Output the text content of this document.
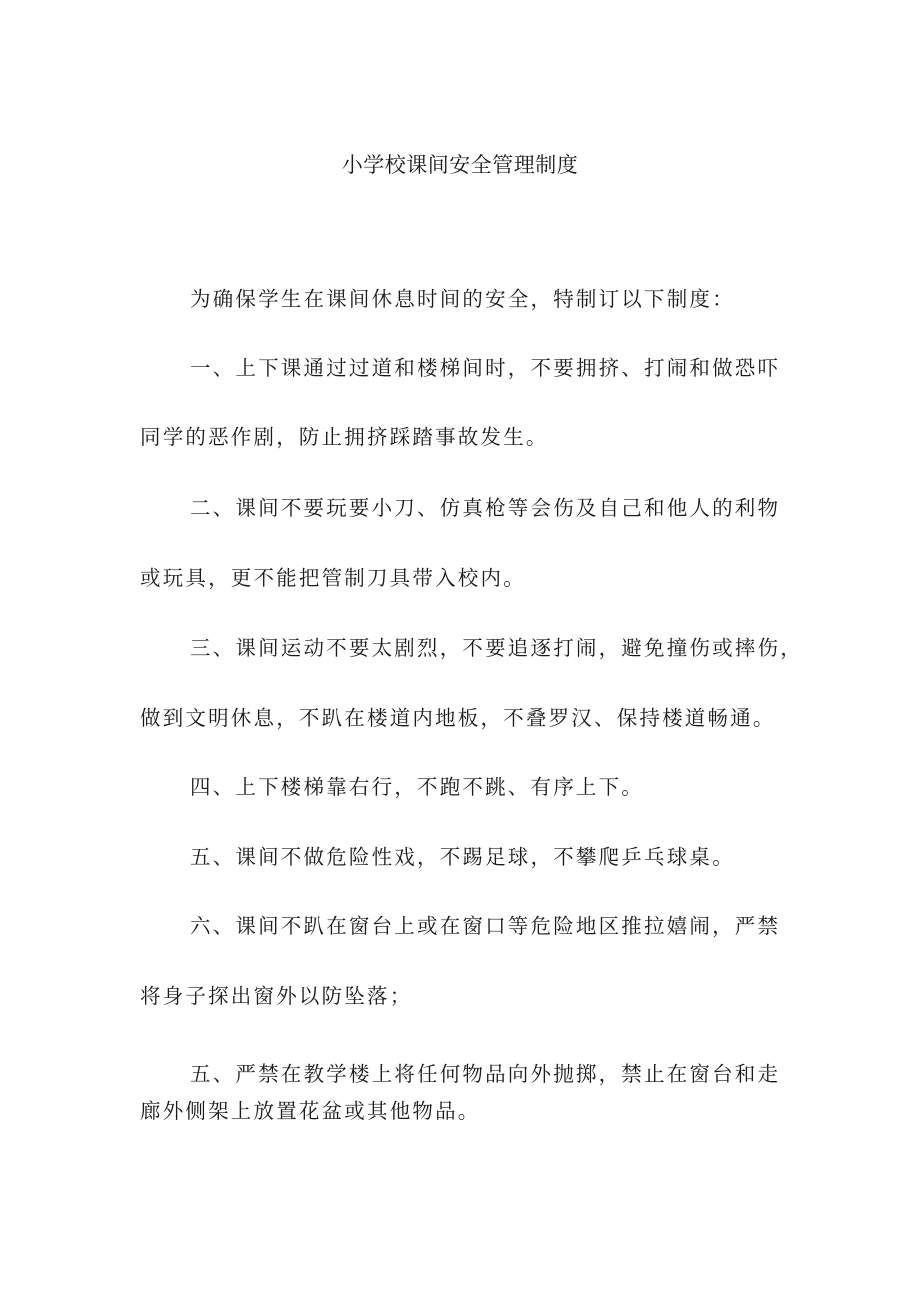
小学校课间安全管理制度

为确保学生在课间休息时间的安全，特制订以下制度：

一、上下课通过过道和楼梯间时，不要拥挤、打闹和做恐吓

同学的恶作剧，防止拥挤踩踏事故发生。

二、课间不要玩要小刀、仿真枪等会伤及自己和他人的利物

或玩具，更不能把管制刀具带入校内。

三、课间运动不要太剧烈，不要追逐打闹，避免撞伤或摔伤，

做到文明休息，不趴在楼道内地板，不叠罗汉、保持楼道畅通。

四、上下楼梯靠右行，不跑不跳、有序上下。

五、课间不做危险性戏，不踢足球，不攀爬乒乓球桌。

六、课间不趴在窗台上或在窗口等危险地区推拉嬉闹，严禁

将身子探出窗外以防坠落；

五、严禁在教学楼上将任何物品向外抛掷，禁止在窗台和走

廊外侧架上放置花盆或其他物品。
